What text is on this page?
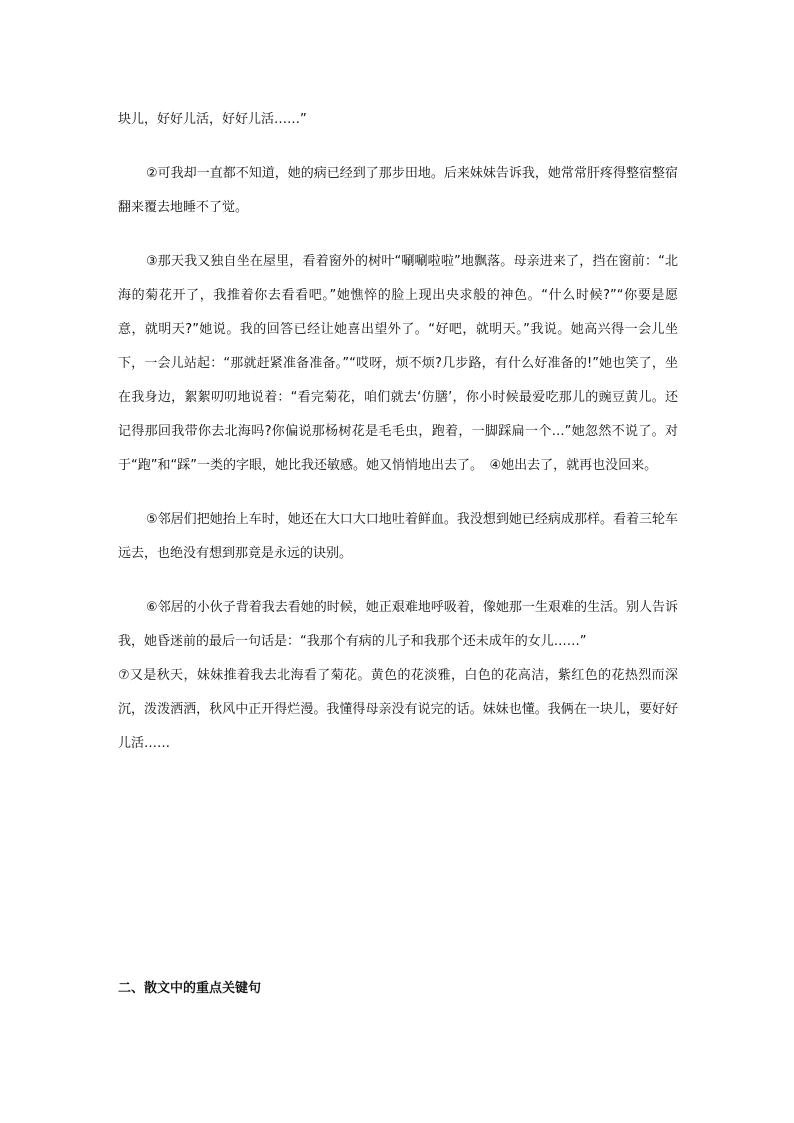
块儿，好好儿活，好好儿活……”

②可我却一直都不知道，她的病已经到了那步田地。后来妹妹告诉我，她常常肝疼得整宿整宿翻来覆去地睡不了觉。

③那天我又独自坐在屋里，看着窗外的树叶“唰唰啦啦”地飘落。母亲进来了，挡在窗前：“北海的菊花开了，我推着你去看看吧。”她憔悴的脸上现出央求般的神色。“什么时候?”“你要是愿意，就明天?”她说。我的回答已经让她喜出望外了。“好吧，就明天。”我说。她高兴得一会儿坐下，一会儿站起：“那就赶紧准备准备。”“哎呀，烦不烦?几步路，有什么好准备的!”她也笑了，坐在我身边，絮絮叨叨地说着：“看完菊花，咱们就去‘仿膳’，你小时候最爱吃那儿的豌豆黄儿。还记得那回我带你去北海吗?你偏说那杨树花是毛毛虫，跑着，一脚踩扁一个…”她忽然不说了。对于“跑”和“踩”一类的字眼，她比我还敏感。她又悄悄地出去了。　④她出去了，就再也没回来。

⑤邻居们把她抬上车时，她还在大口大口地吐着鲜血。我没想到她已经病成那样。看着三轮车远去，也绝没有想到那竟是永远的诀别。

⑥邻居的小伙子背着我去看她的时候，她正艰难地呼吸着，像她那一生艰难的生活。别人告诉我，她昏迷前的最后一句话是：“我那个有病的儿子和我那个还未成年的女儿……”

⑦又是秋天，妹妹推着我去北海看了菊花。黄色的花淡雅，白色的花高洁，紫红色的花热烈而深沉，泼泼洒洒，秋风中正开得烂漫。我懂得母亲没有说完的话。妹妹也懂。我俩在一块儿，要好好儿活……

二、散文中的重点关键句
